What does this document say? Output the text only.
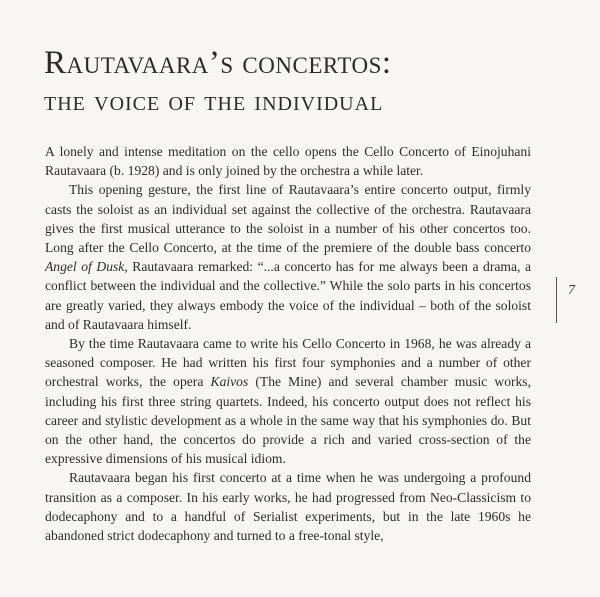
Rautavaara’s concertos:
the voice of the individual

A lonely and intense meditation on the cello opens the Cello Concerto of Einojuhani Rautavaara (b. 1928) and is only joined by the orchestra a while later.

This opening gesture, the first line of Rautavaara’s entire concerto output, firmly casts the soloist as an individual set against the collective of the orchestra. Rautavaara gives the first musical utterance to the soloist in a number of his other concertos too. Long after the Cello Concerto, at the time of the premiere of the double bass concerto Angel of Dusk, Rautavaara remarked: “...a concerto has for me always been a drama, a conflict between the individual and the collective.” While the solo parts in his concertos are greatly varied, they always embody the voice of the individual – both of the soloist and of Rautavaara himself.

By the time Rautavaara came to write his Cello Concerto in 1968, he was already a seasoned composer. He had written his first four symphonies and a number of other orchestral works, the opera Kaivos (The Mine) and several chamber music works, including his first three string quartets. Indeed, his concerto output does not reflect his career and stylistic development as a whole in the same way that his symphonies do. But on the other hand, the concertos do provide a rich and varied cross-section of the expressive dimensions of his musical idiom.

Rautavaara began his first concerto at a time when he was undergoing a profound transition as a composer. In his early works, he had progressed from Neo-Classicism to dodecaphony and to a handful of Serialist experiments, but in the late 1960s he abandoned strict dodecaphony and turned to a free-tonal style,

7
